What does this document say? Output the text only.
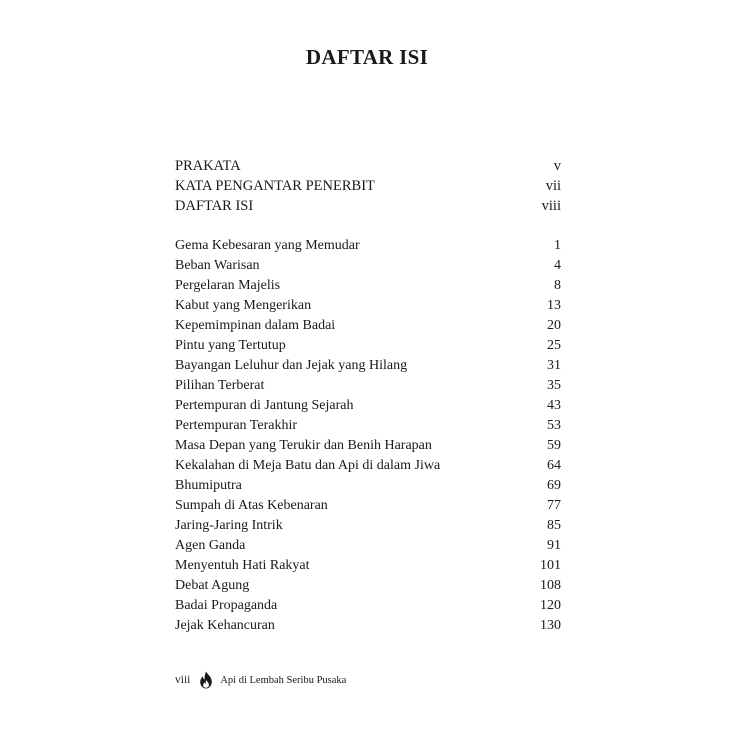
DAFTAR ISI
PRAKATA	v
KATA PENGANTAR PENERBIT	vii
DAFTAR ISI	viii
Gema Kebesaran yang Memudar	1
Beban Warisan	4
Pergelaran Majelis	8
Kabut yang Mengerikan	13
Kepemimpinan dalam Badai	20
Pintu yang Tertutup	25
Bayangan Leluhur dan Jejak yang Hilang	31
Pilihan Terberat	35
Pertempuran di Jantung Sejarah	43
Pertempuran Terakhir	53
Masa Depan yang Terukir dan Benih Harapan	59
Kekalahan di Meja Batu dan Api di dalam Jiwa	64
Bhumiputra	69
Sumpah di Atas Kebenaran	77
Jaring-Jaring Intrik	85
Agen Ganda	91
Menyentuh Hati Rakyat	101
Debat Agung	108
Badai Propaganda	120
Jejak Kehancuran	130
viii	Api di Lembah Seribu Pusaka
